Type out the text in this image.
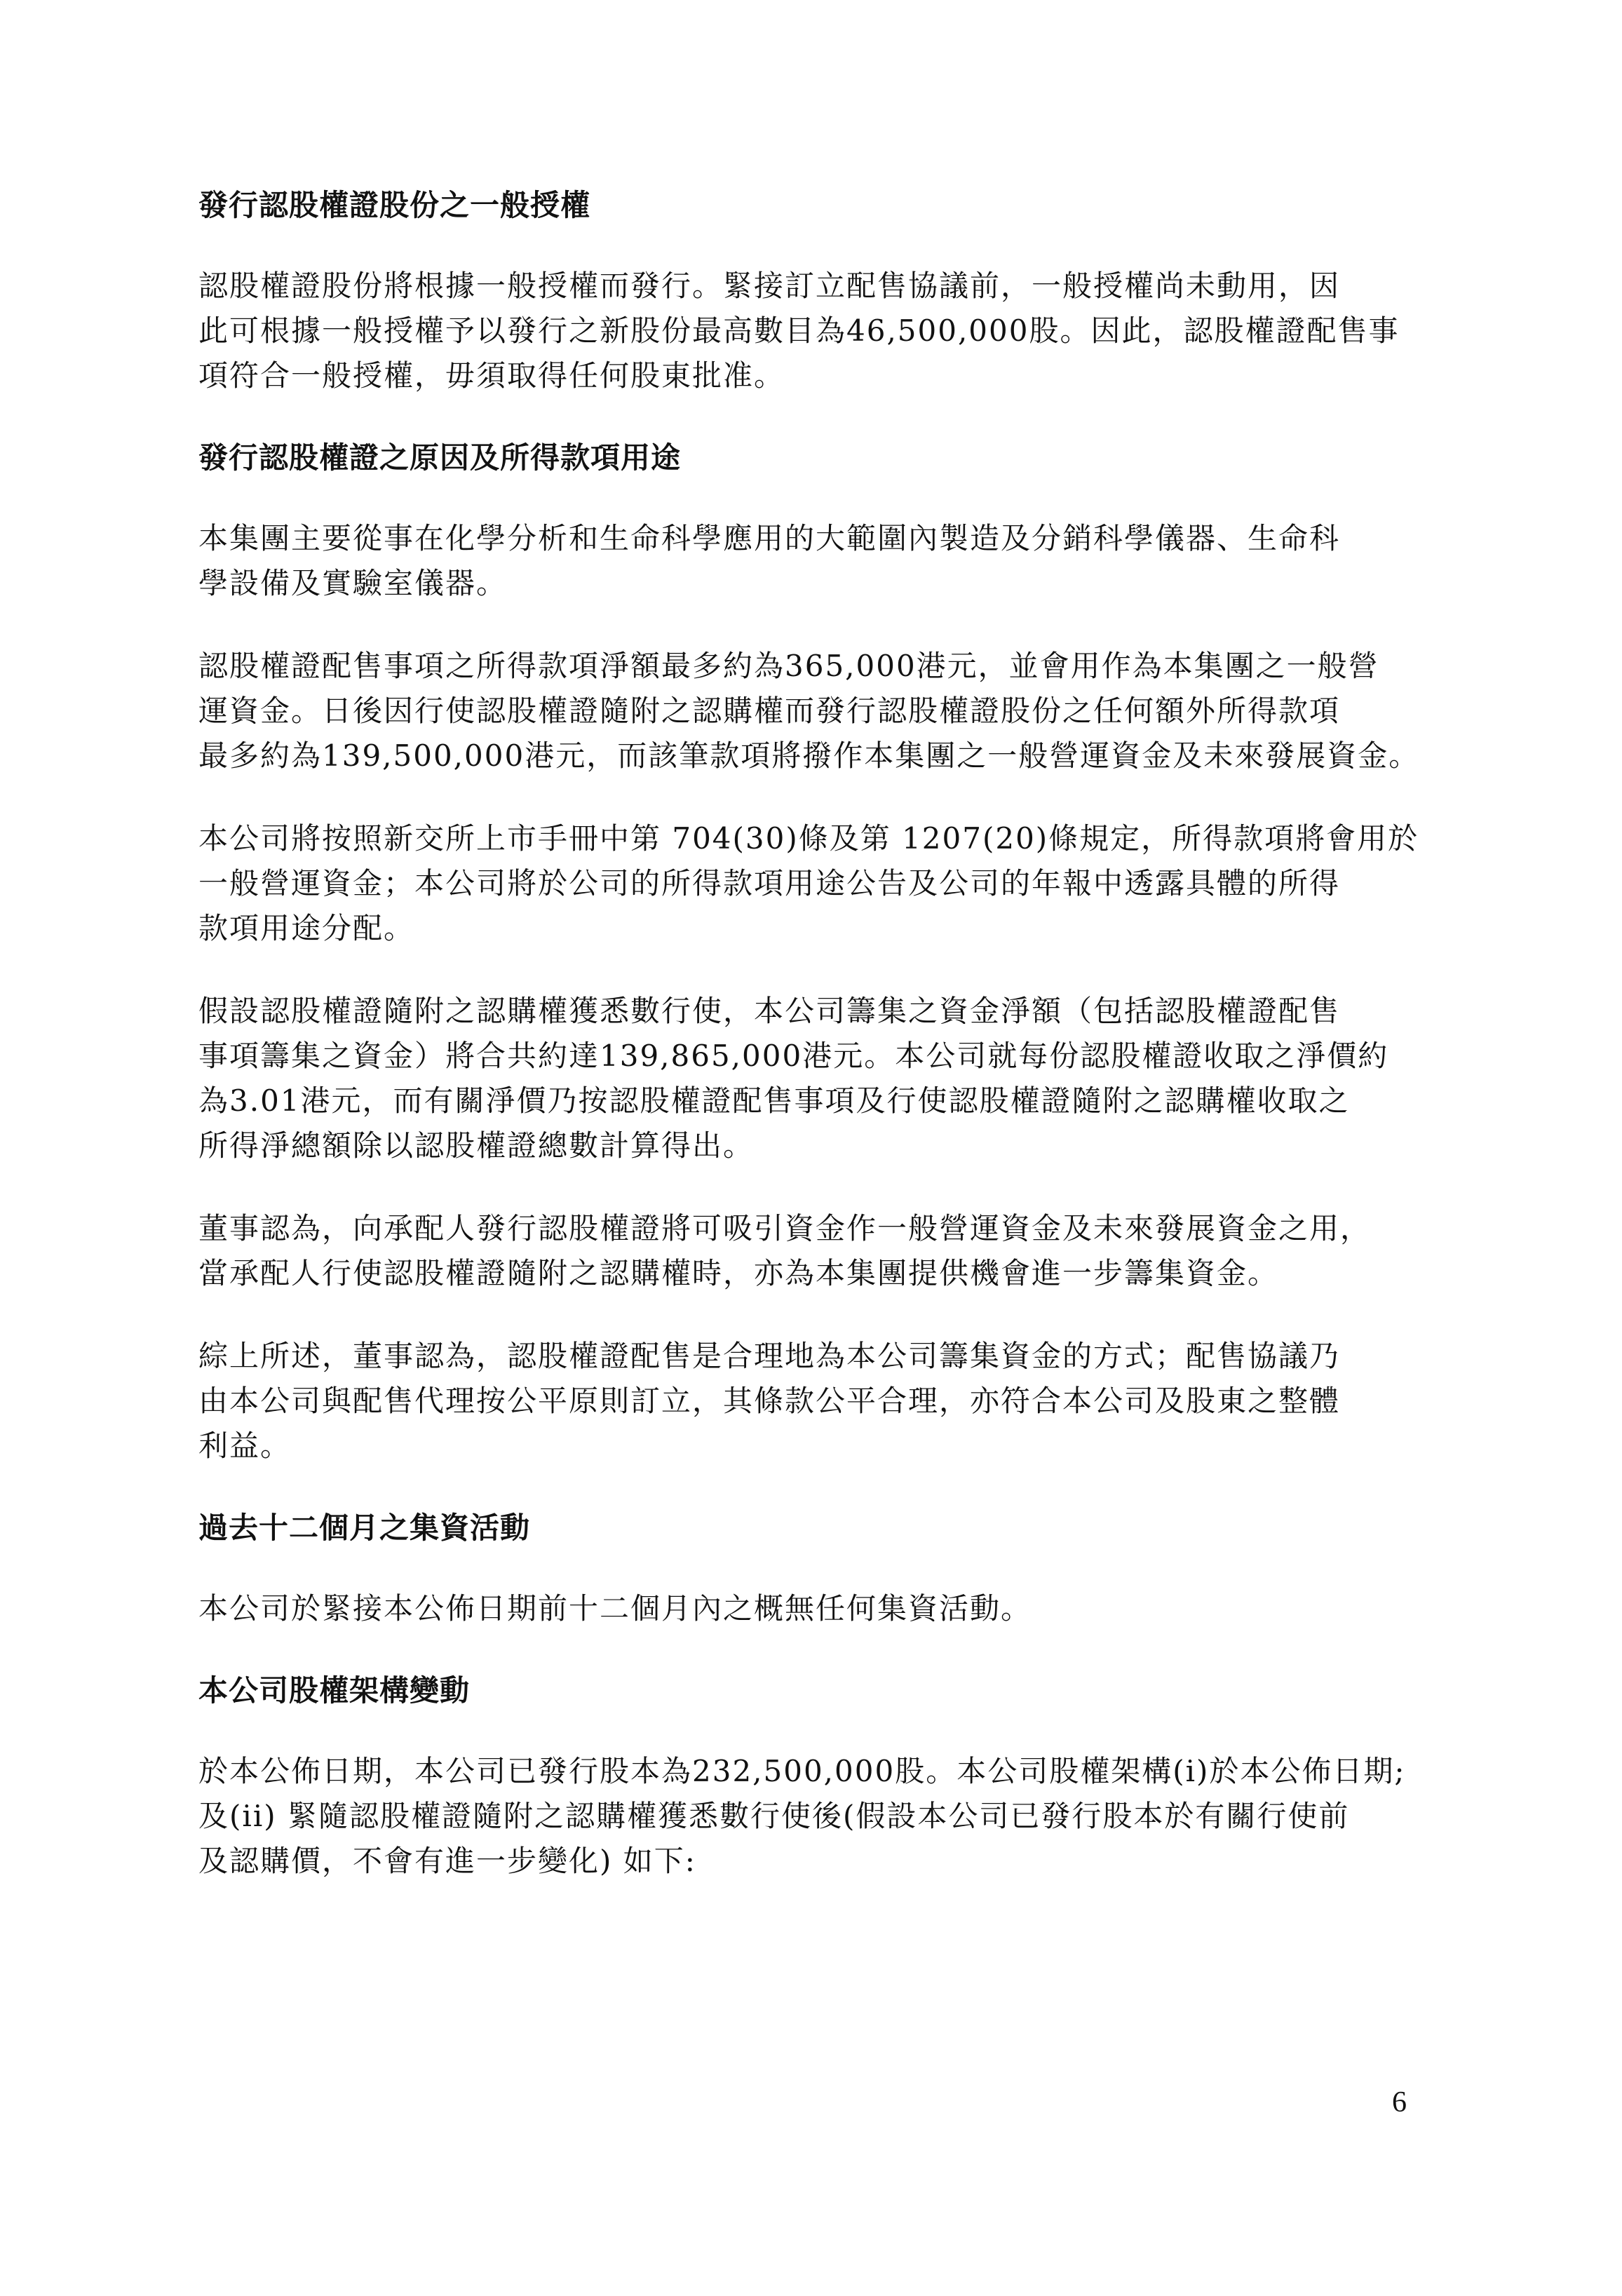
發行認股權證股份之一般授權
認股權證股份將根據一般授權而發行。緊接訂立配售協議前，一般授權尚未動用，因
此可根據一般授權予以發行之新股份最高數目為46,500,000股。因此，認股權證配售事
項符合一般授權，毋須取得任何股東批准。
發行認股權證之原因及所得款項用途
本集團主要從事在化學分析和生命科學應用的大範圍內製造及分銷科學儀器、生命科
學設備及實驗室儀器。
認股權證配售事項之所得款項淨額最多約為365,000港元，並會用作為本集團之一般營
運資金。日後因行使認股權證隨附之認購權而發行認股權證股份之任何額外所得款項
最多約為139,500,000港元，而該筆款項將撥作本集團之一般營運資金及未來發展資金。
本公司將按照新交所上市手冊中第 704(30)條及第 1207(20)條規定，所得款項將會用於
一般營運資金；本公司將於公司的所得款項用途公告及公司的年報中透露具體的所得
款項用途分配。
假設認股權證隨附之認購權獲悉數行使，本公司籌集之資金淨額（包括認股權證配售
事項籌集之資金）將合共約達139,865,000港元。本公司就每份認股權證收取之淨價約
為3.01港元，而有關淨價乃按認股權證配售事項及行使認股權證隨附之認購權收取之
所得淨總額除以認股權證總數計算得出。
董事認為，向承配人發行認股權證將可吸引資金作一般營運資金及未來發展資金之用，
當承配人行使認股權證隨附之認購權時，亦為本集團提供機會進一步籌集資金。
綜上所述，董事認為，認股權證配售是合理地為本公司籌集資金的方式；配售協議乃
由本公司與配售代理按公平原則訂立，其條款公平合理，亦符合本公司及股東之整體
利益。
過去十二個月之集資活動
本公司於緊接本公佈日期前十二個月內之概無任何集資活動。
本公司股權架構變動
於本公佈日期，本公司已發行股本為232,500,000股。本公司股權架構(i)於本公佈日期;
及(ii) 緊隨認股權證隨附之認購權獲悉數行使後(假設本公司已發行股本於有關行使前
及認購價，不會有進一步變化) 如下:
6
